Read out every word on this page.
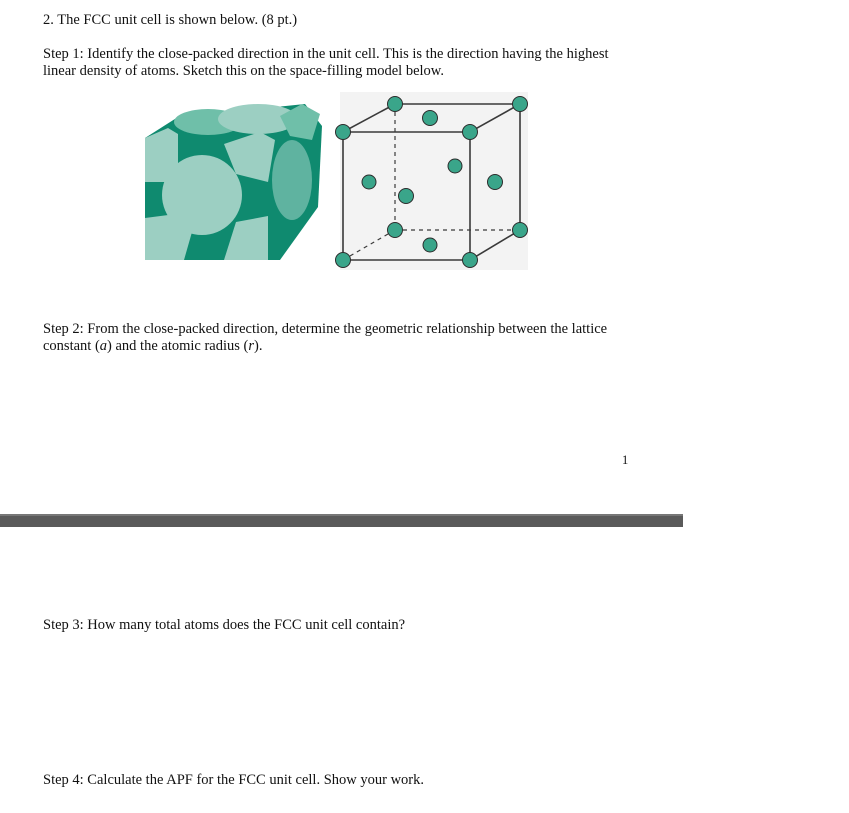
2. The FCC unit cell is shown below. (8 pt.)
Step 1: Identify the close-packed direction in the unit cell. This is the direction having the highest
linear density of atoms. Sketch this on the space-filling model below.
Step 2: From the close-packed direction, determine the geometric relationship between the lattice
constant (a) and the atomic radius (r).
1
Step 3: How many total atoms does the FCC unit cell contain?
Step 4: Calculate the APF for the FCC unit cell. Show your work.
